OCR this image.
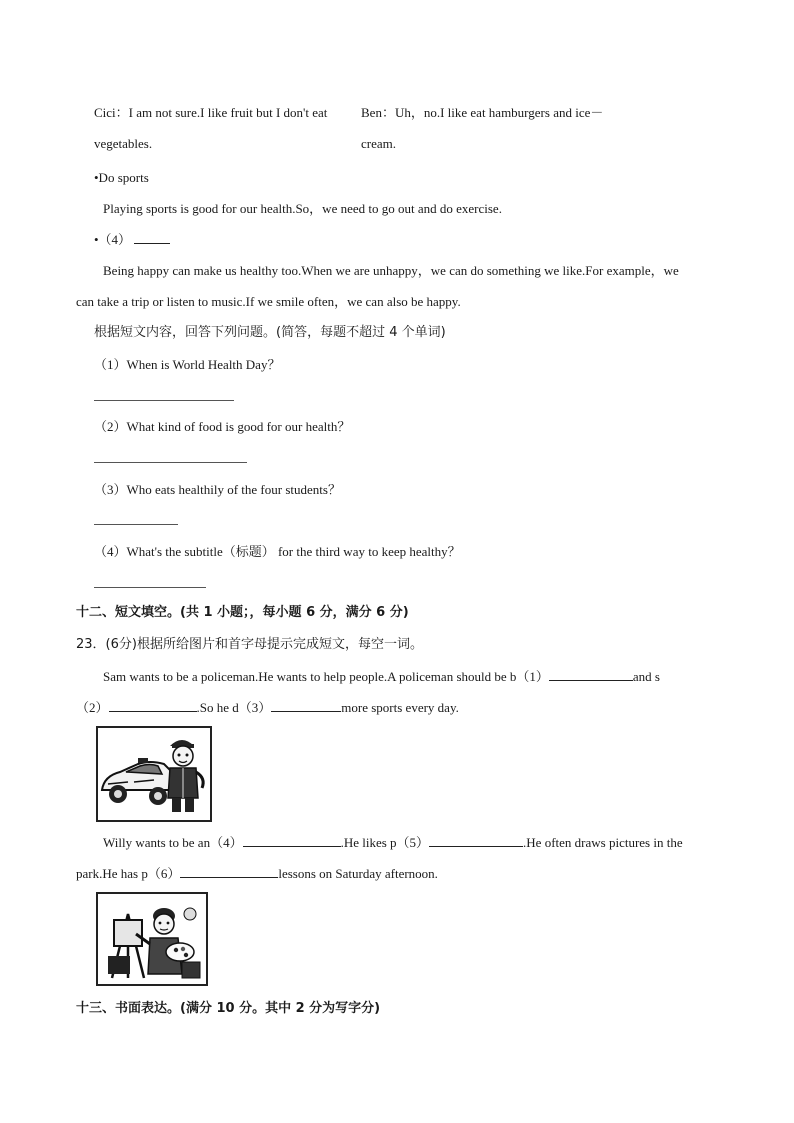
Cici：I am not sure.I like fruit but I don't eat
vegetables.
Ben：Uh，no.I like eat hamburgers and ice－
cream.
•Do sports
Playing sports is good for our health.So，we need to go out and do exercise.
•（4）
Being happy can make us healthy too.When we are unhappy，we can do something we like.For example，we
can take a trip or listen to music.If we smile often，we can also be happy.
根据短文内容，回答下列问题。(简答，每题不超过 4 个单词)
（1）When is World Health Day？
（2）What kind of food is good for our health？
（3）Who eats healthily of the four students？
（4）What's the subtitle（标题） for the third way to keep healthy？
十二、短文填空。(共 1 小题；，每小题 6 分，满分 6 分)
23．(6分)根据所给图片和首字母提示完成短文，每空一词。
Sam wants to be a policeman.He wants to help people.A policeman should be b（1）	and s
（2）	.So he d（3）	more sports every day.
Willy wants to be an（4）	.He likes p（5）	.He often draws pictures in the
park.He has p（6）	lessons on Saturday afternoon.
十三、书面表达。(满分 10 分。其中 2 分为写字分)
